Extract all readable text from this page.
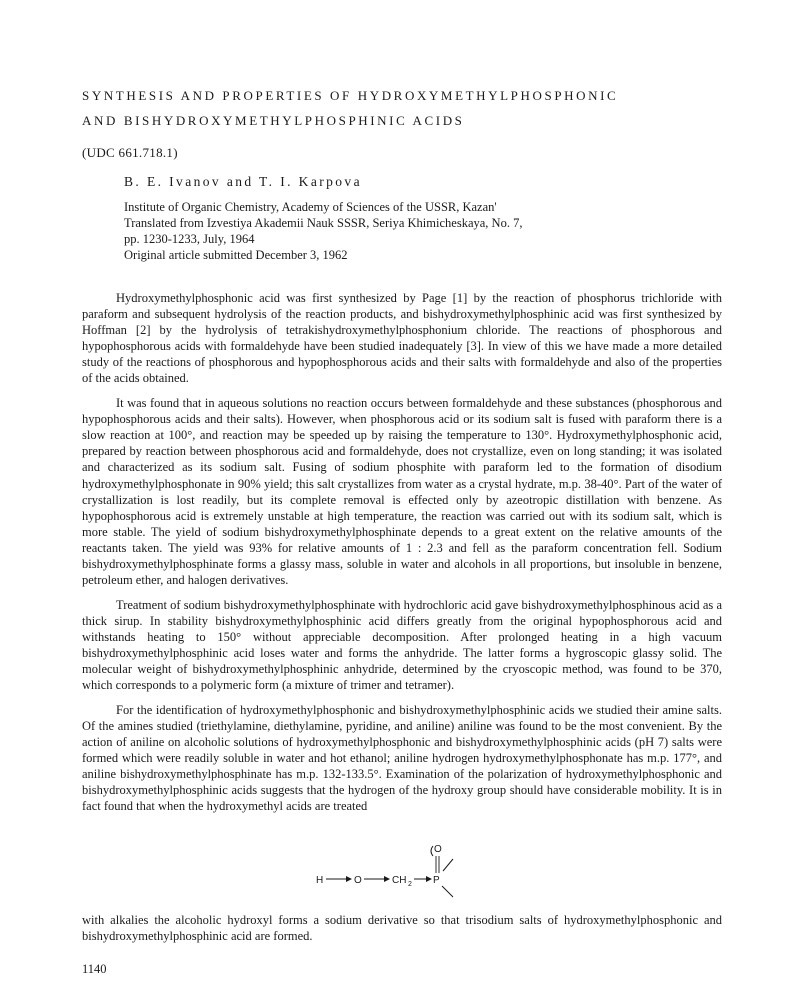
SYNTHESIS AND PROPERTIES OF HYDROXYMETHYLPHOSPHONIC
AND BISHYDROXYMETHYLPHOSPHINIC ACIDS
(UDC 661.718.1)
B. E. Ivanov and T. I. Karpova
Institute of Organic Chemistry, Academy of Sciences of the USSR, Kazan'
Translated from Izvestiya Akademii Nauk SSSR, Seriya Khimicheskaya, No. 7,
pp. 1230-1233, July, 1964
Original article submitted December 3, 1962

Hydroxymethylphosphonic acid was first synthesized by Page [1] by the reaction of phosphorus trichloride with paraform and subsequent hydrolysis of the reaction products, and bishydroxymethylphosphinic acid was first synthesized by Hoffman [2] by the hydrolysis of tetrakishydroxymethylphosphonium chloride. The reactions of phosphorous and hypophosphorous acids with formaldehyde have been studied inadequately [3]. In view of this we have made a more detailed study of the reactions of phosphorous and hypophosphorous acids and their salts with formaldehyde and also of the properties of the acids obtained.

It was found that in aqueous solutions no reaction occurs between formaldehyde and these substances (phosphorous and hypophosphorous acids and their salts). However, when phosphorous acid or its sodium salt is fused with paraform there is a slow reaction at 100°, and reaction may be speeded up by raising the temperature to 130°. Hydroxymethylphosphonic acid, prepared by reaction between phosphorous acid and formaldehyde, does not crystallize, even on long standing; it was isolated and characterized as its sodium salt. Fusing of sodium phosphite with paraform led to the formation of disodium hydroxymethylphosphonate in 90% yield; this salt crystallizes from water as a crystal hydrate, m.p. 38-40°. Part of the water of crystallization is lost readily, but its complete removal is effected only by azeotropic distillation with benzene. As hypophosphorous acid is extremely unstable at high temperature, the reaction was carried out with its sodium salt, which is more stable. The yield of sodium bishydroxymethylphosphinate depends to a great extent on the relative amounts of the reactants taken. The yield was 93% for relative amounts of 1 : 2.3 and fell as the paraform concentration fell. Sodium bishydroxymethylphosphinate forms a glassy mass, soluble in water and alcohols in all proportions, but insoluble in benzene, petroleum ether, and halogen derivatives.

Treatment of sodium bishydroxymethylphosphinate with hydrochloric acid gave bishydroxymethylphosphinous acid as a thick sirup. In stability bishydroxymethylphosphinic acid differs greatly from the original hypophosphorous acid and withstands heating to 150° without appreciable decomposition. After prolonged heating in a high vacuum bishydroxymethylphosphinic acid loses water and forms the anhydride. The latter forms a hygroscopic glassy solid. The molecular weight of bishydroxymethylphosphinic anhydride, determined by the cryoscopic method, was found to be 370, which corresponds to a polymeric form (a mixture of trimer and tetramer).

For the identification of hydroxymethylphosphonic and bishydroxymethylphosphinic acids we studied their amine salts. Of the amines studied (triethylamine, diethylamine, pyridine, and aniline) aniline was found to be the most convenient. By the action of aniline on alcoholic solutions of hydroxymethylphosphonic and bishydroxymethylphosphinic acids (pH 7) salts were formed which were readily soluble in water and hot ethanol; aniline hydrogen hydroxymethylphosphonate has m.p. 177°, and aniline bishydroxymethylphosphinate has m.p. 132-133.5°. Examination of the polarization of hydroxymethylphosphonic and bishydroxymethylphosphinic acids suggests that the hydrogen of the hydroxy group should have considerable mobility. It is in fact found that when the hydroxymethyl acids are treated

H	O	CH 2 P
O

with alkalies the alcoholic hydroxyl forms a sodium derivative so that trisodium salts of hydroxymethylphosphonic and bishydroxymethylphosphinic acid are formed.

1140
